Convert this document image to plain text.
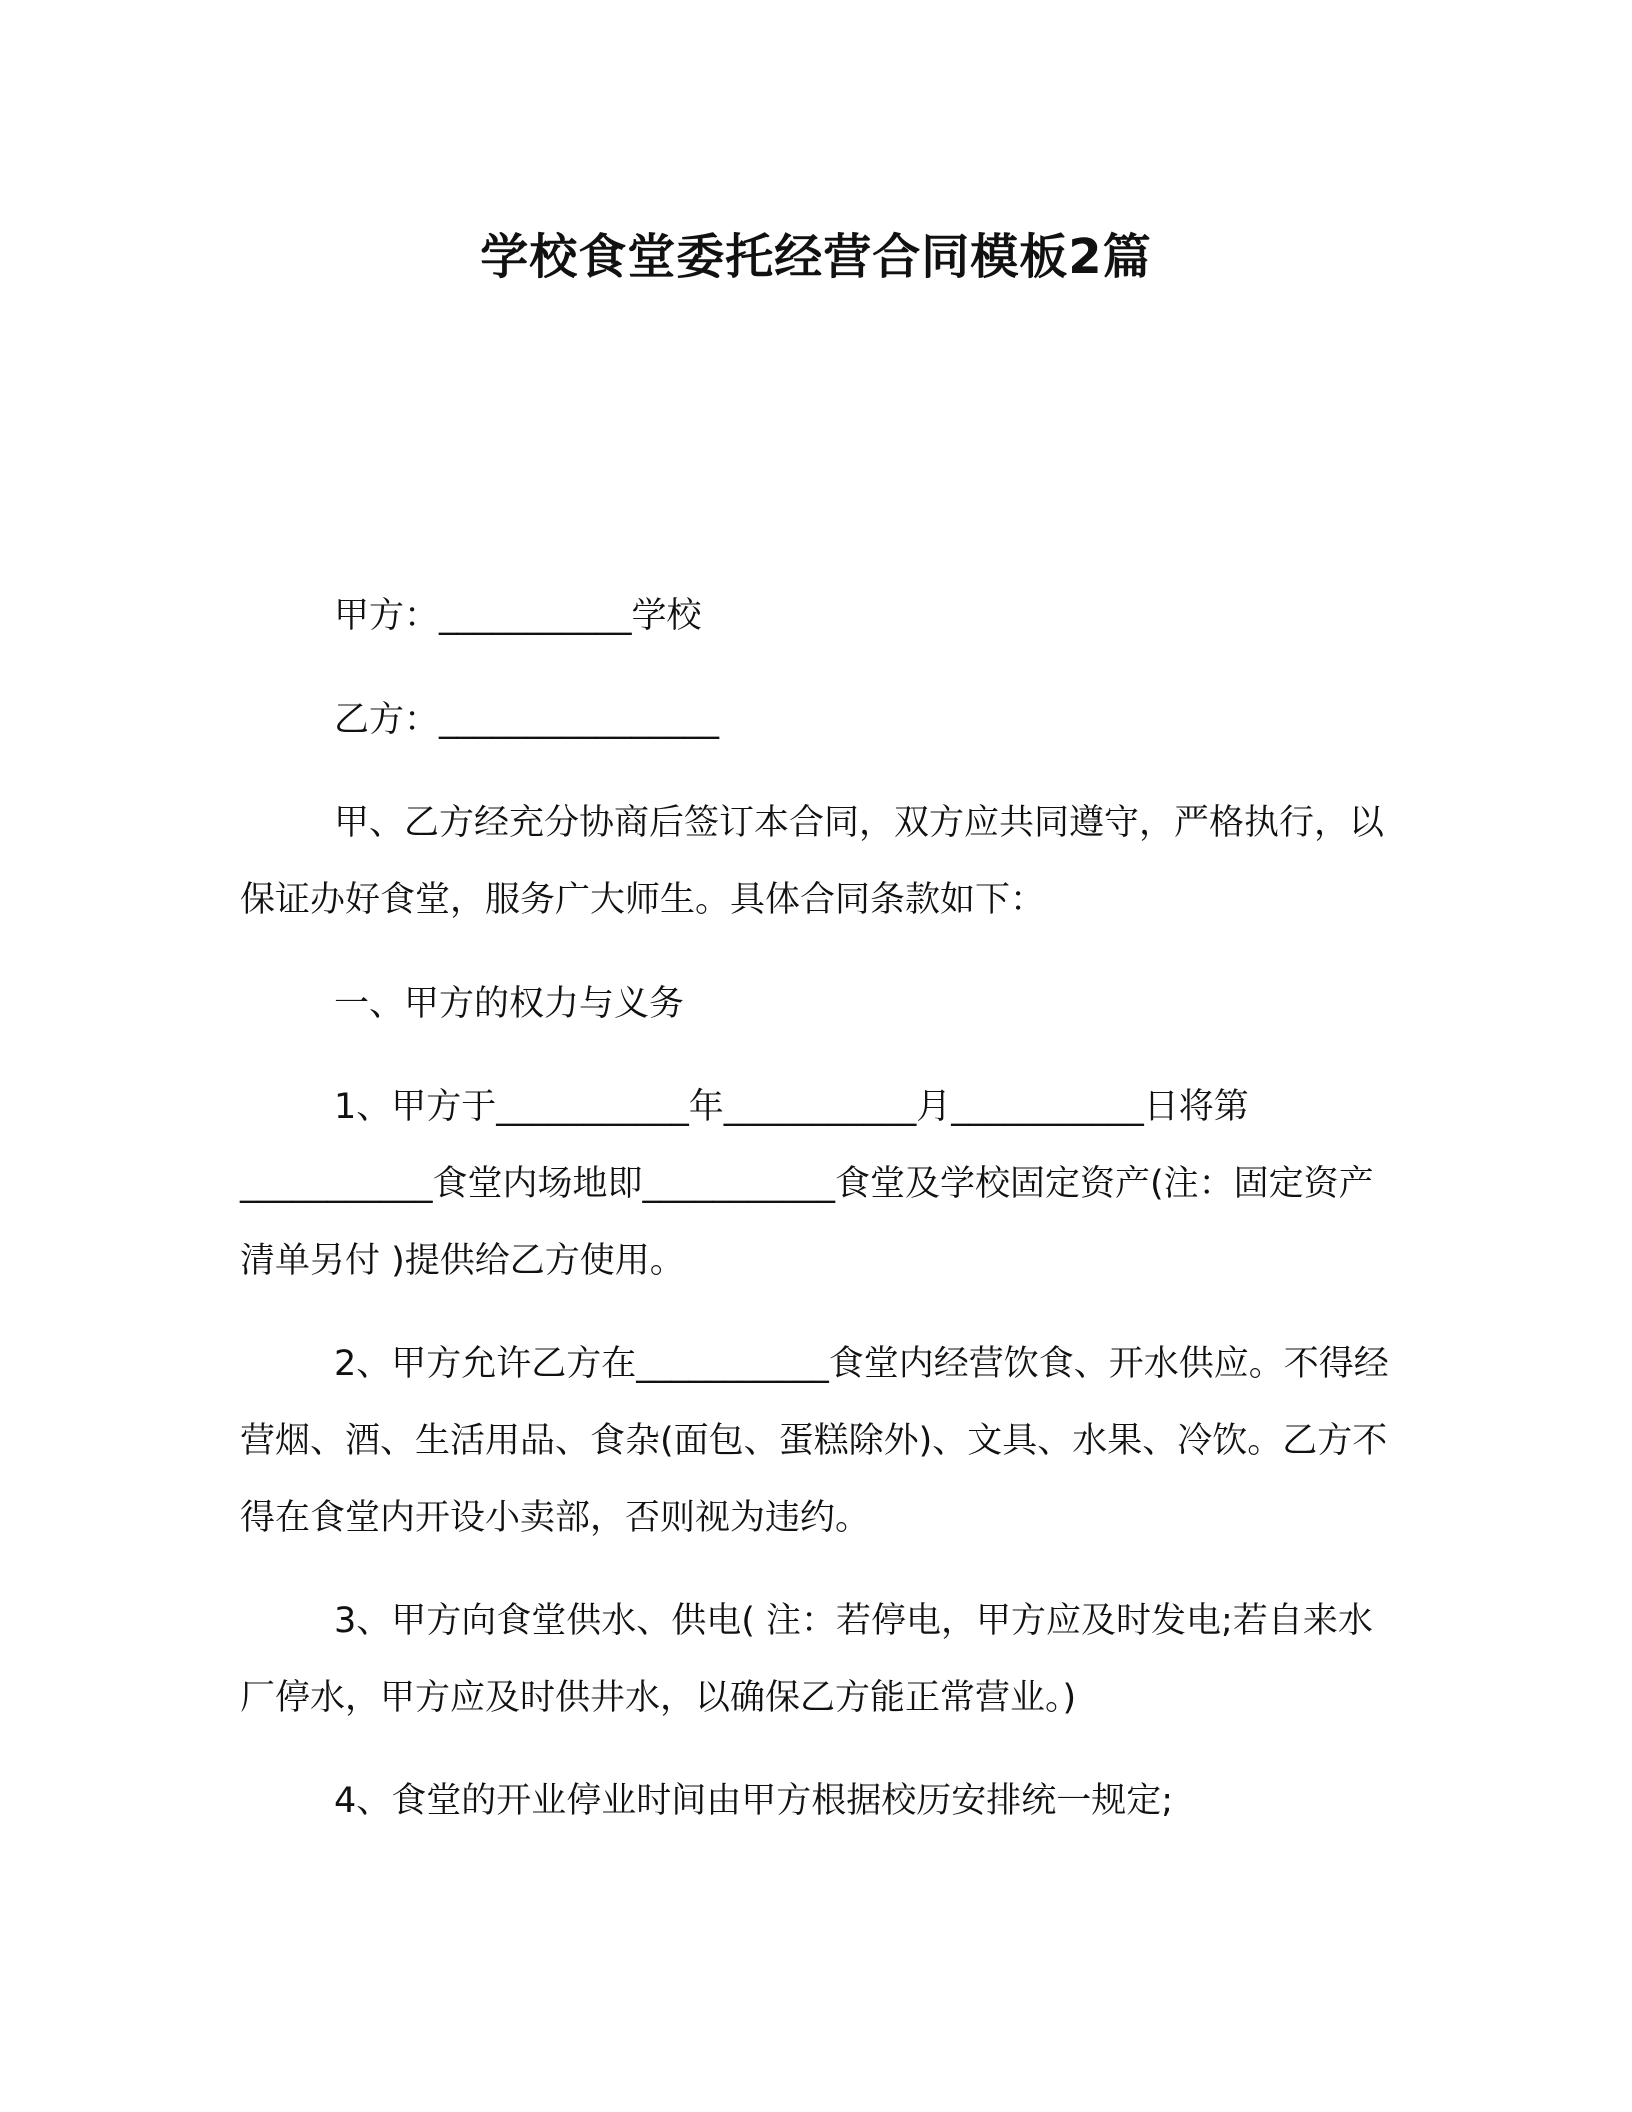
学校食堂委托经营合同模板2篇

甲方：___________学校

乙方：________________

甲、乙方经充分协商后签订本合同，双方应共同遵守，严格执行，以保证办好食堂，服务广大师生。具体合同条款如下：

一、甲方的权力与义务

1、甲方于___________年___________月___________日将第___________食堂内场地即___________食堂及学校固定资产(注：固定资产清单另付 )提供给乙方使用。

2、甲方允许乙方在___________食堂内经营饮食、开水供应。不得经营烟、酒、生活用品、食杂(面包、蛋糕除外)、文具、水果、冷饮。乙方不得在食堂内开设小卖部，否则视为违约。

3、甲方向食堂供水、供电( 注：若停电，甲方应及时发电;若自来水厂停水，甲方应及时供井水，以确保乙方能正常营业。)

4、食堂的开业停业时间由甲方根据校历安排统一规定;
